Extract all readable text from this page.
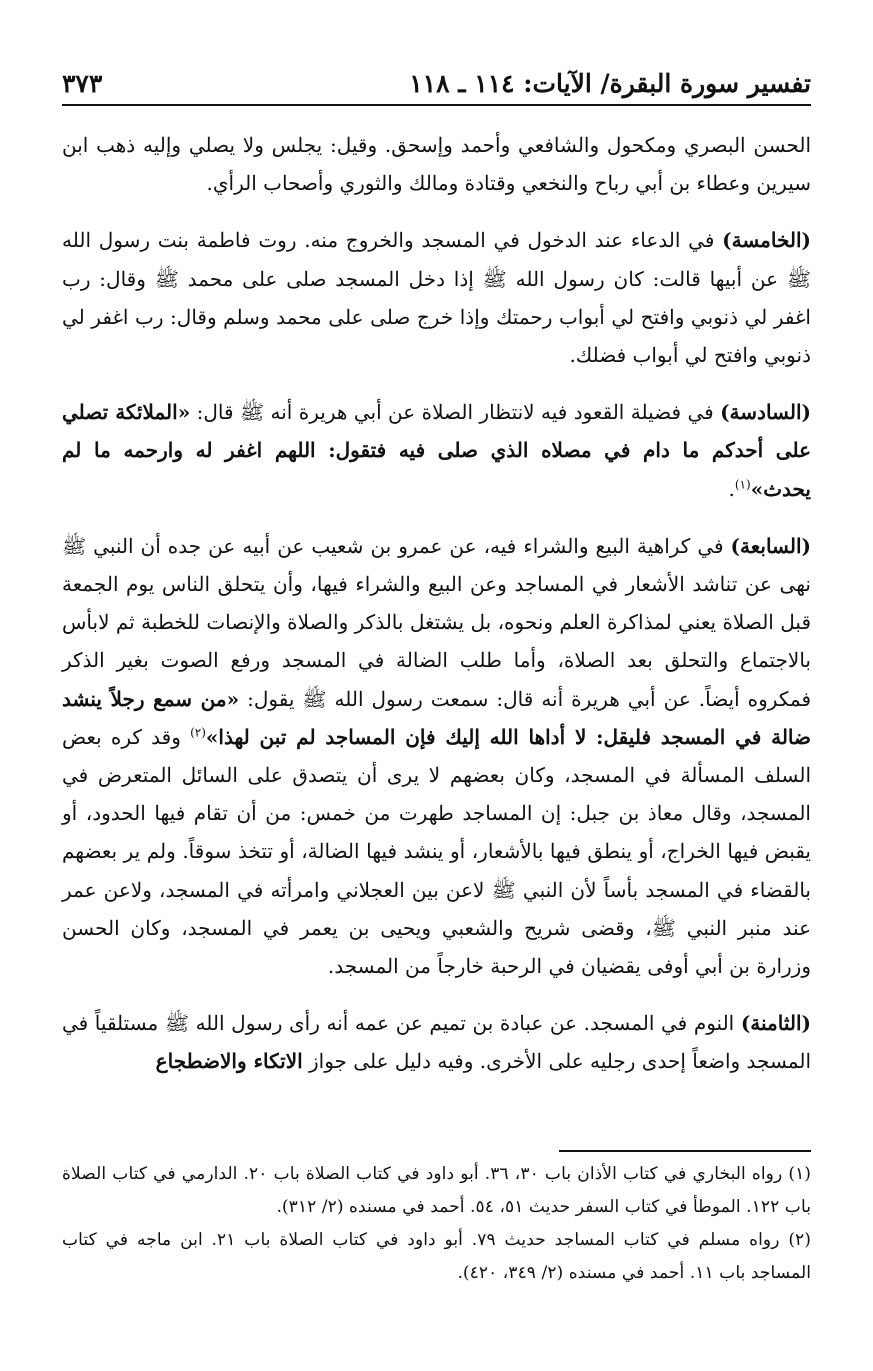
تفسير سورة البقرة/ الآيات: ١١٤ ـ ١١٨
٣٧٣

الحسن البصري ومكحول والشافعي وأحمد وإسحق. وقيل: يجلس ولا يصلي وإليه ذهب ابن سيرين وعطاء بن أبي رباح والنخعي وقتادة ومالك والثوري وأصحاب الرأي.

(الخامسة) في الدعاء عند الدخول في المسجد والخروج منه. روت فاطمة بنت رسول الله ﷺ عن أبيها قالت: كان رسول الله ﷺ إذا دخل المسجد صلى على محمد ﷺ وقال: رب اغفر لي ذنوبي وافتح لي أبواب رحمتك وإذا خرج صلى على محمد وسلم وقال: رب اغفر لي ذنوبي وافتح لي أبواب فضلك.

(السادسة) في فضيلة القعود فيه لانتظار الصلاة عن أبي هريرة أنه ﷺ قال: «الملائكة تصلي على أحدكم ما دام في مصلاه الذي صلى فيه فتقول: اللهم اغفر له وارحمه ما لم يحدث»$^{(١)}$.

(السابعة) في كراهية البيع والشراء فيه، عن عمرو بن شعيب عن أبيه عن جده أن النبي ﷺ نهى عن تناشد الأشعار في المساجد وعن البيع والشراء فيها، وأن يتحلق الناس يوم الجمعة قبل الصلاة يعني لمذاكرة العلم ونحوه، بل يشتغل بالذكر والصلاة والإنصات للخطبة ثم لابأس بالاجتماع والتحلق بعد الصلاة، وأما طلب الضالة في المسجد ورفع الصوت بغير الذكر فمكروه أيضاً. عن أبي هريرة أنه قال: سمعت رسول الله ﷺ يقول: «من سمع رجلاً ينشد ضالة في المسجد فليقل: لا أداها الله إليك فإن المساجد لم تبن لهذا»$^{(٢)}$ وقد كره بعض السلف المسألة في المسجد، وكان بعضهم لا يرى أن يتصدق على السائل المتعرض في المسجد، وقال معاذ بن جبل: إن المساجد طهرت من خمس: من أن تقام فيها الحدود، أو يقبض فيها الخراج، أو ينطق فيها بالأشعار، أو ينشد فيها الضالة، أو تتخذ سوقاً. ولم ير بعضهم بالقضاء في المسجد بأساً لأن النبي ﷺ لاعن بين العجلاني وامرأته في المسجد، ولاعن عمر عند منبر النبي ﷺ، وقضى شريح والشعبي ويحيى بن يعمر في المسجد، وكان الحسن وزرارة بن أبي أوفى يقضيان في الرحبة خارجاً من المسجد.

(الثامنة) النوم في المسجد. عن عبادة بن تميم عن عمه أنه رأى رسول الله ﷺ مستلقياً في المسجد واضعاً إحدى رجليه على الأخرى. وفيه دليل على جواز الاتكاء والاضطجاع

(١) رواه البخاري في كتاب الأذان باب ٣٠، ٣٦. أبو داود في كتاب الصلاة باب ٢٠. الدارمي في كتاب الصلاة باب ١٢٢. الموطأ في كتاب السفر حديث ٥١، ٥٤. أحمد في مسنده (٢/ ٣١٢).

(٢) رواه مسلم في كتاب المساجد حديث ٧٩. أبو داود في كتاب الصلاة باب ٢١. ابن ماجه في كتاب المساجد باب ١١. أحمد في مسنده (٢/ ٣٤٩، ٤٢٠).
